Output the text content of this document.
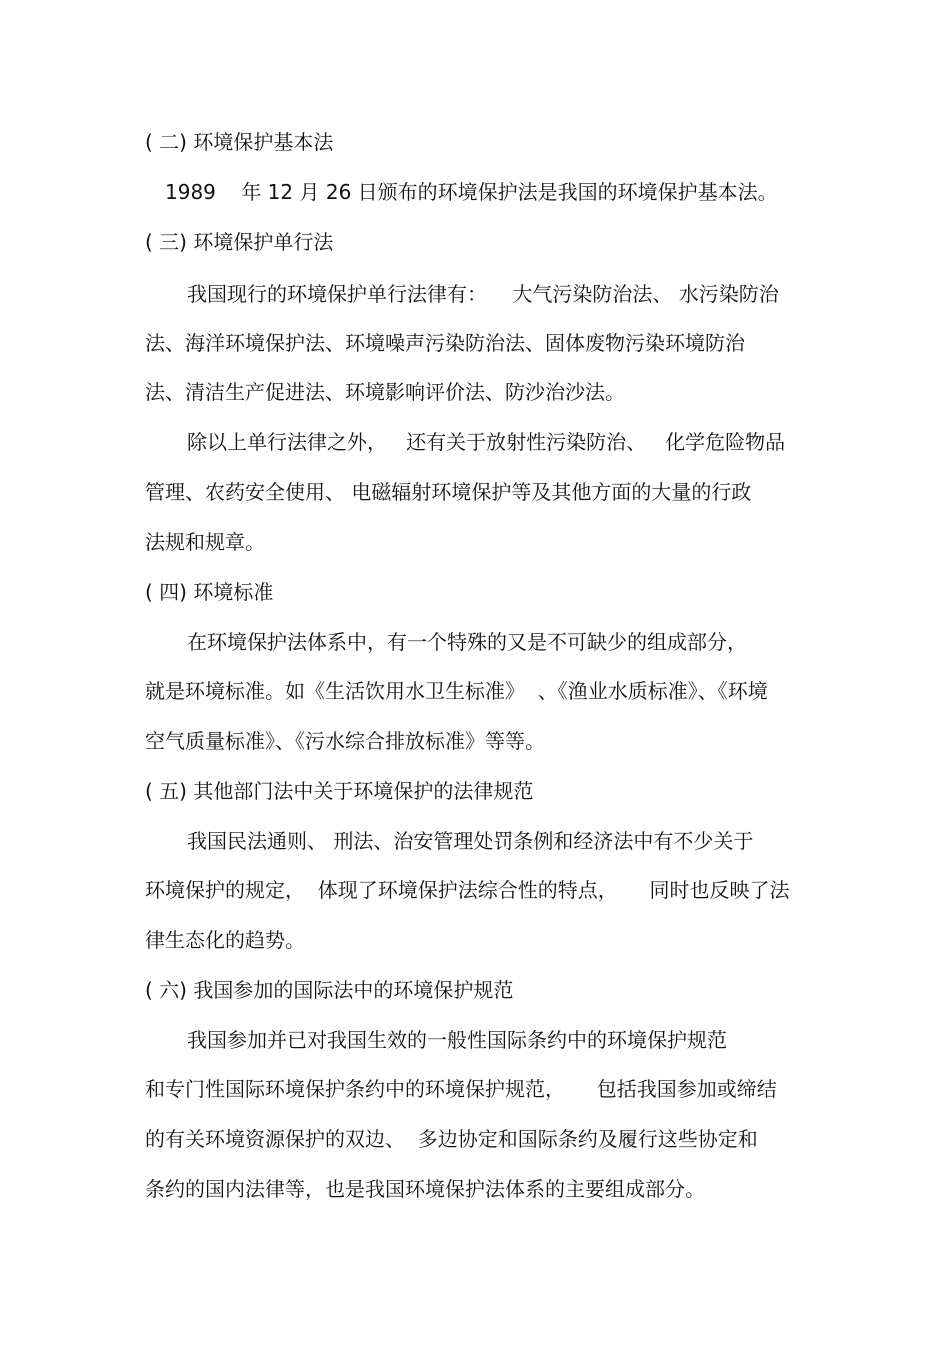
( 二) 环境保护基本法
1989    年 12 月 26 日颁布的环境保护法是我国的环境保护基本法。
( 三) 环境保护单行法
我国现行的环境保护单行法律有：    大气污染防治法、 水污染防治
法、海洋环境保护法、环境噪声污染防治法、固体废物污染环境防治
法、清洁生产促进法、环境影响评价法、防沙治沙法。
除以上单行法律之外，   还有关于放射性污染防治、   化学危险物品
管理、农药安全使用、 电磁辐射环境保护等及其他方面的大量的行政
法规和规章。
( 四) 环境标准
在环境保护法体系中，有一个特殊的又是不可缺少的组成部分，
就是环境标准。如《生活饮用水卫生标准》  、《渔业水质标准》、《环境
空气质量标准》、《污水综合排放标准》等等。
( 五) 其他部门法中关于环境保护的法律规范
我国民法通则、 刑法、治安管理处罚条例和经济法中有不少关于
环境保护的规定，  体现了环境保护法综合性的特点，     同时也反映了法
律生态化的趋势。
( 六) 我国参加的国际法中的环境保护规范
我国参加并已对我国生效的一般性国际条约中的环境保护规范
和专门性国际环境保护条约中的环境保护规范，     包括我国参加或缔结
的有关环境资源保护的双边、  多边协定和国际条约及履行这些协定和
条约的国内法律等，也是我国环境保护法体系的主要组成部分。
